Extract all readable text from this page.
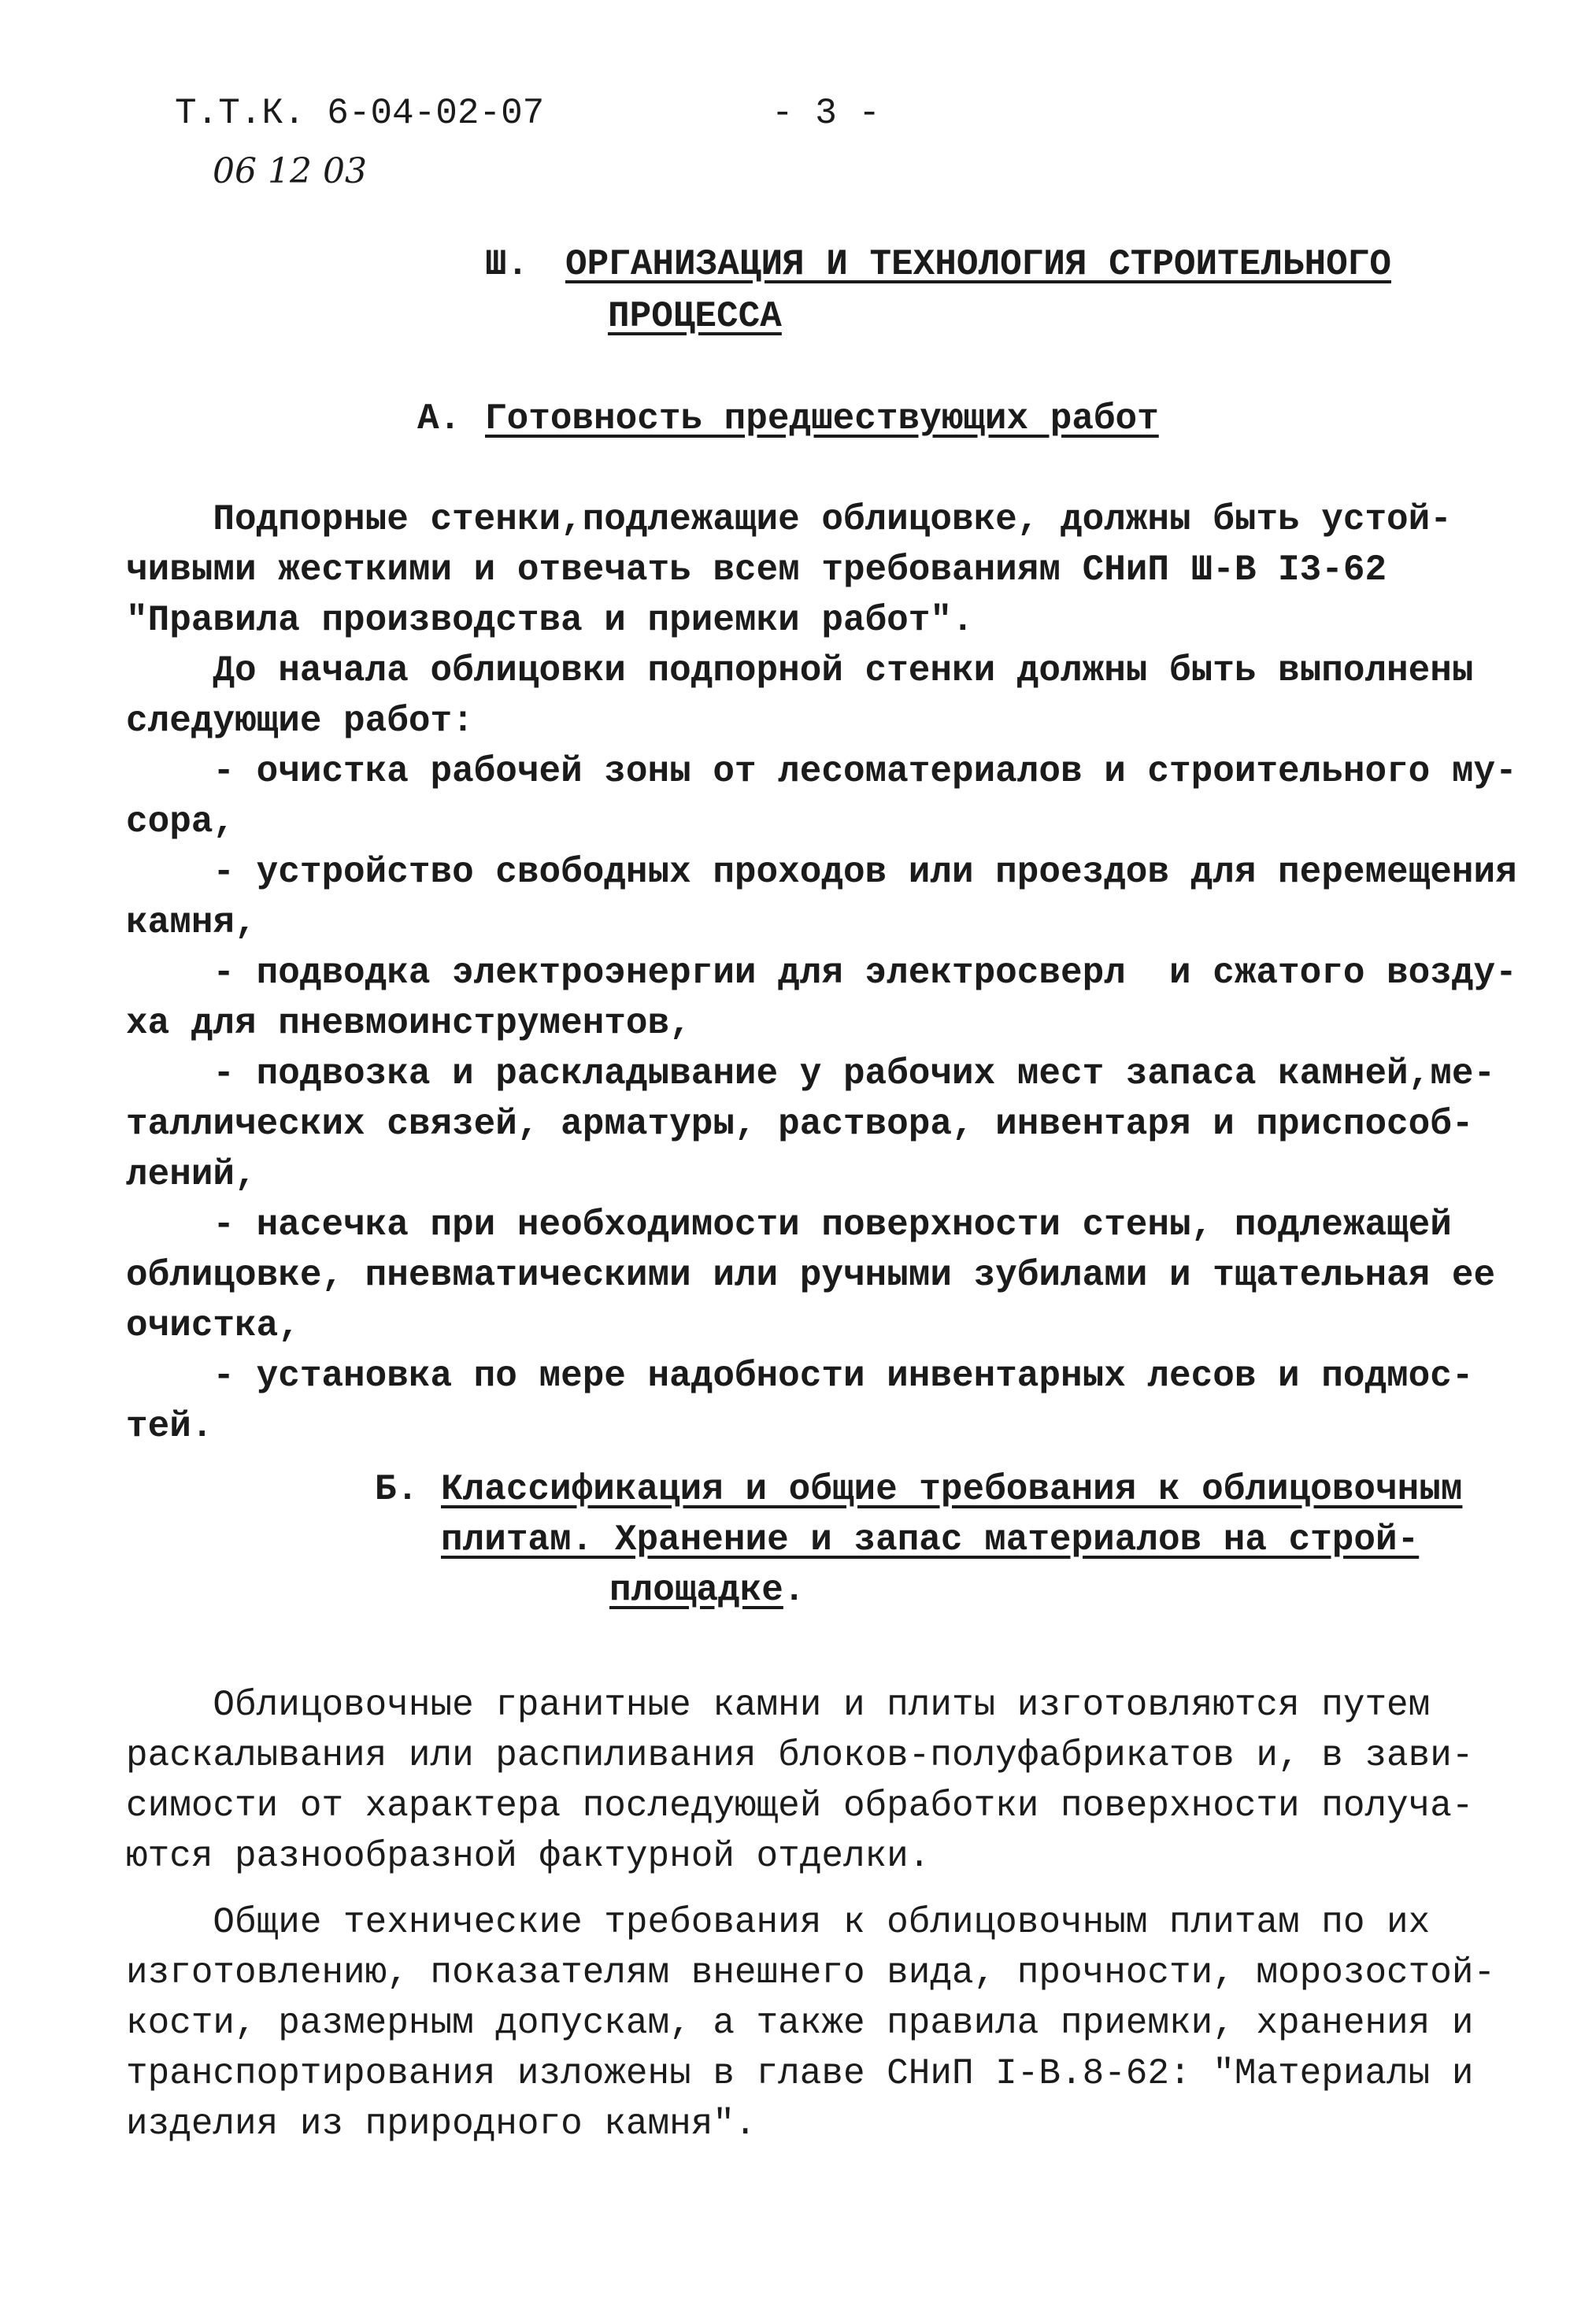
Т.Т.К. 6-04-02-07
06 12 03
- 3 -
Ш. ОРГАНИЗАЦИЯ И ТЕХНОЛОГИЯ СТРОИТЕЛЬНОГО
ПРОЦЕССА
А. Готовность предшествующих работ
Подпорные стенки,подлежащие облицовке, должны быть устой-
чивыми жесткими и отвечать всем требованиям СНиП Ш-В I3-62
"Правила производства и приемки работ".
До начала облицовки подпорной стенки должны быть выполнены
следующие работ:
- очистка рабочей зоны от лесоматериалов и строительного му-
сора,
- устройство свободных проходов или проездов для перемещения
камня,
- подводка электроэнергии для электросверл  и сжатого возду-
ха для пневмоинструментов,
- подвозка и раскладывание у рабочих мест запаса камней,ме-
таллических связей, арматуры, раствора, инвентаря и приспособ-
лений,
- насечка при необходимости поверхности стены, подлежащей
облицовке, пневматическими или ручными зубилами и тщательная ее
очистка,
- установка по мере надобности инвентарных лесов и подмос-
тей.
Б. Классификация и общие требования к облицовочным
плитам. Хранение и запас материалов на строй-
площадке.
Облицовочные гранитные камни и плиты изготовляются путем
раскалывания или распиливания блоков-полуфабрикатов и, в зави-
симости от характера последующей обработки поверхности получа-
ются разнообразной фактурной отделки.
Общие технические требования к облицовочным плитам по их
изготовлению, показателям внешнего вида, прочности, морозостой-
кости, размерным допускам, а также правила приемки, хранения и
транспортирования изложены в главе СНиП I-В.8-62: "Материалы и
изделия из природного камня".
